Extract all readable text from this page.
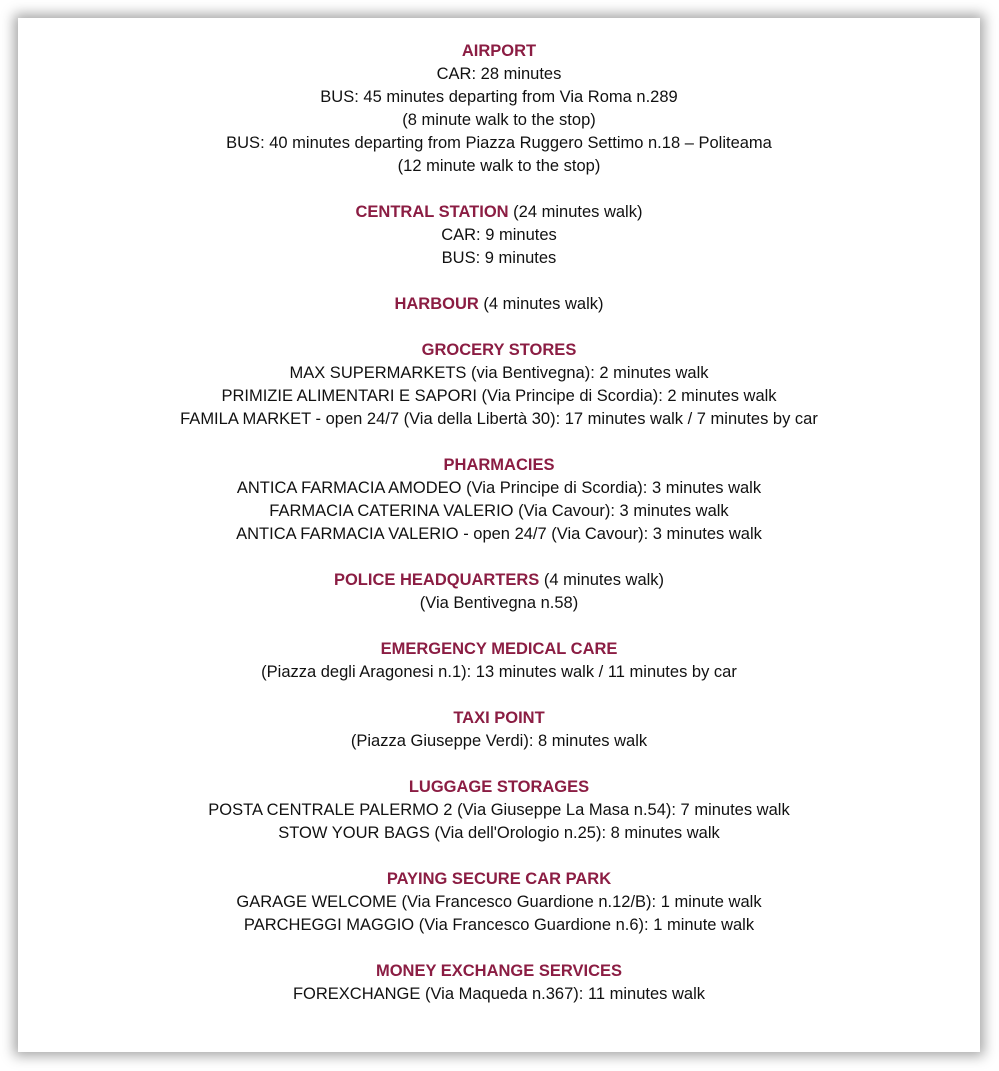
AIRPORT
CAR: 28 minutes
BUS: 45 minutes departing from Via Roma n.289
(8 minute walk to the stop)
BUS: 40 minutes departing from Piazza Ruggero Settimo n.18 – Politeama
(12 minute walk to the stop)
CENTRAL STATION (24 minutes walk)
CAR: 9 minutes
BUS: 9 minutes
HARBOUR (4 minutes walk)
GROCERY STORES
MAX SUPERMARKETS (via Bentivegna): 2 minutes walk
PRIMIZIE ALIMENTARI E SAPORI (Via Principe di Scordia): 2 minutes walk
FAMILA MARKET - open 24/7 (Via della Libertà 30): 17 minutes walk / 7 minutes by car
PHARMACIES
ANTICA FARMACIA AMODEO (Via Principe di Scordia): 3 minutes walk
FARMACIA CATERINA VALERIO (Via Cavour): 3 minutes walk
ANTICA FARMACIA VALERIO - open 24/7 (Via Cavour): 3 minutes walk
POLICE HEADQUARTERS (4 minutes walk)
(Via Bentivegna n.58)
EMERGENCY MEDICAL CARE
(Piazza degli Aragonesi n.1): 13 minutes walk / 11 minutes by car
TAXI POINT
(Piazza Giuseppe Verdi): 8 minutes walk
LUGGAGE STORAGES
POSTA CENTRALE PALERMO 2 (Via Giuseppe La Masa n.54): 7 minutes walk
STOW YOUR BAGS (Via dell'Orologio n.25): 8 minutes walk
PAYING SECURE CAR PARK
GARAGE WELCOME (Via Francesco Guardione n.12/B): 1 minute walk
PARCHEGGI MAGGIO (Via Francesco Guardione n.6): 1 minute walk
MONEY EXCHANGE SERVICES
FOREXCHANGE (Via Maqueda n.367): 11 minutes walk
